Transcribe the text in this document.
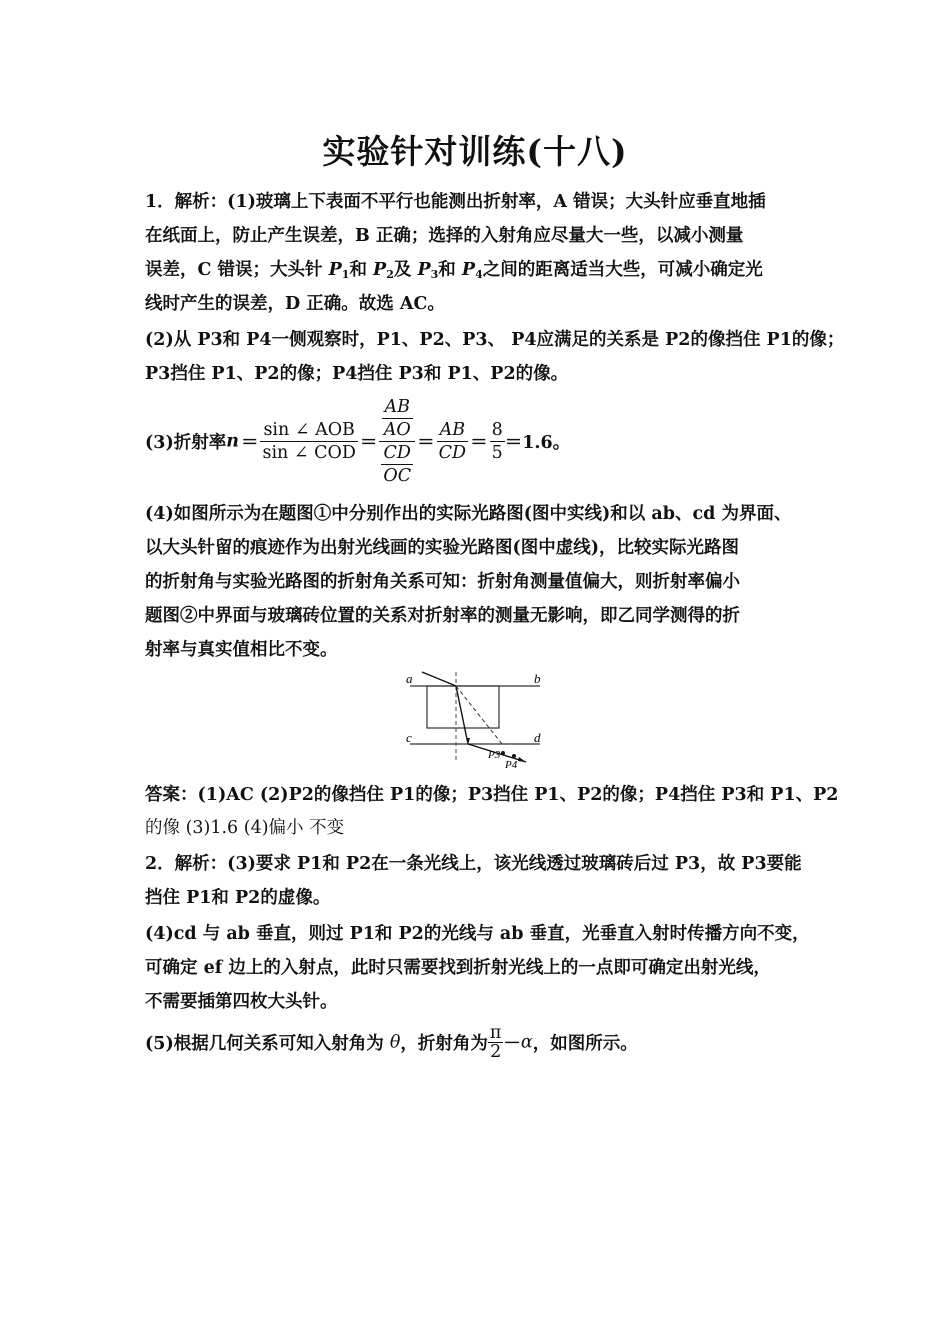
实验针对训练(十八)
1．解析：(1)玻璃上下表面不平行也能测出折射率，A 错误；大头针应垂直地插
在纸面上，防止产生误差，B 正确；选择的入射角应尽量大一些，以减小测量
误差，C 错误；大头针 $P_1$和 $P_2$及 $P_3$和 $P_4$之间的距离适当大些，可减小确定光
线时产生的误差，D 正确。故选 AC。
(2)从 P3和 P4一侧观察时，P1、P2、P3、 P4应满足的关系是 P2的像挡住 P1的像；
P3挡住 P1、P2的像；P4挡住 P3和 P1、P2的像。
(3)折射率$n = \frac{\text{sin ∠ AOB}}{\text{sin ∠ COD}} = \frac{\frac{AB}{AO}}{\frac{CD}{OC}} = \frac{AB}{CD} = \frac{8}{5} =1.6$。
(4)如图所示为在题图①中分别作出的实际光路图(图中实线)和以 ab、cd 为界面、
以大头针留的痕迹作为出射光线画的实验光路图(图中虚线)，比较实际光路图
的折射角与实验光路图的折射角关系可知：折射角测量值偏大，则折射率偏小
题图②中界面与玻璃砖位置的关系对折射率的测量无影响，即乙同学测得的折
射率与真实值相比不变。
a	b
c	d
P3
P4
答案：(1)AC (2)P2的像挡住 P1的像；P3挡住 P1、P2的像；P4挡住 P3和 P1、P2
的像 (3)1.6 (4)偏小 不变
2．解析：(3)要求 P1和 P2在一条光线上，该光线透过玻璃砖后过 P3，故 P3要能
挡住 P1和 P2的虚像。
(4)cd 与 ab 垂直，则过 P1和 P2的光线与 ab 垂直，光垂直入射时传播方向不变，
可确定 ef 边上的入射点，此时只需要找到折射光线上的一点即可确定出射光线，
不需要插第四枚大头针。
(5)根据几何关系可知入射角为 θ，折射角为 $\frac{\pi}{2} -\alpha$，如图所示。
